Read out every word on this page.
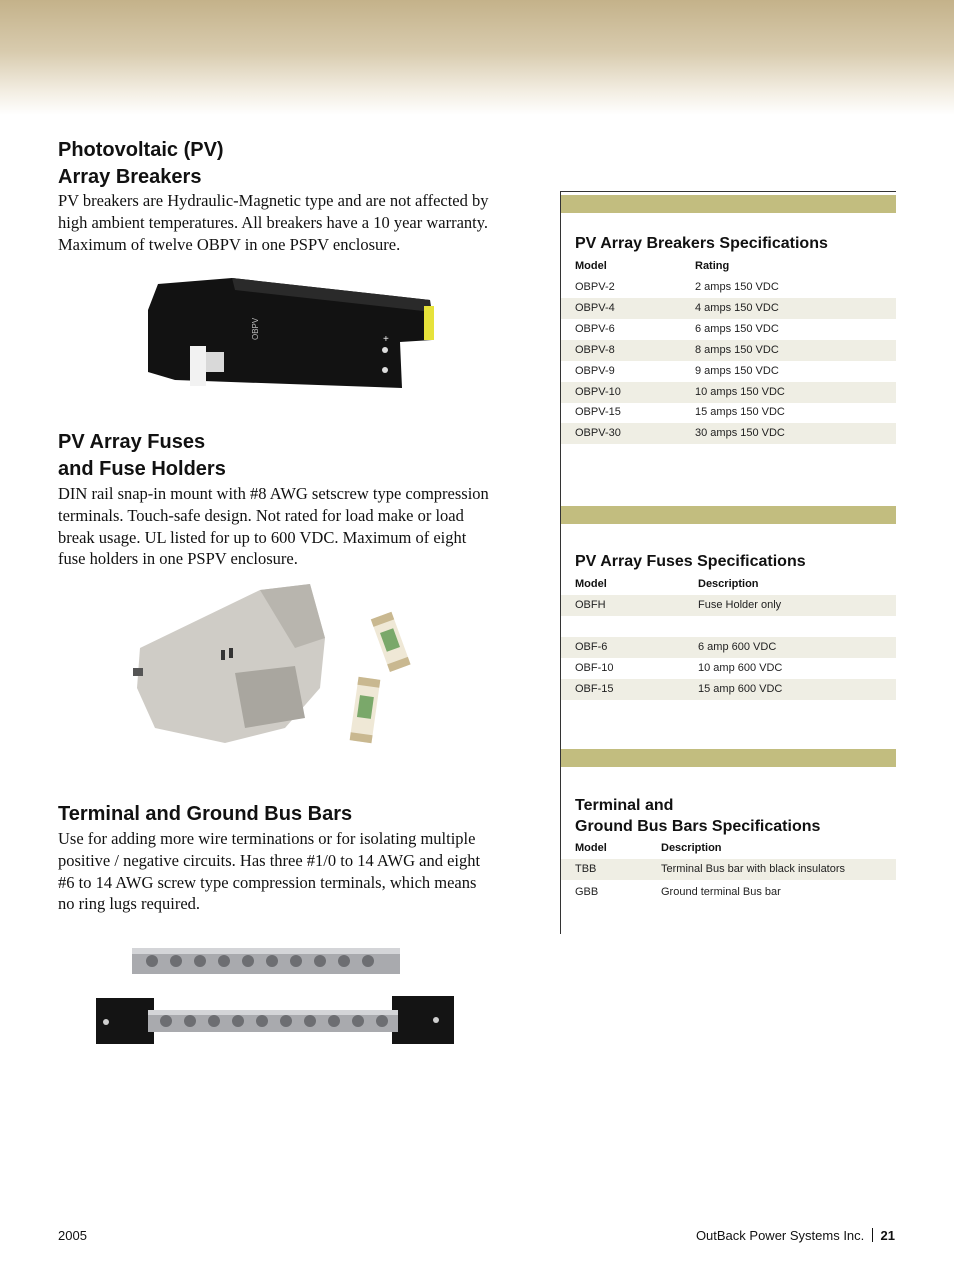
Photovoltaic (PV)
Array Breakers

PV breakers are Hydraulic-Magnetic type and are not affected by
high ambient temperatures. All breakers have a 10 year warranty.
Maximum of twelve OBPV in one PSPV enclosure.

OBPV	+
PV Array Fuses
and Fuse Holders

DIN rail snap-in mount with #8 AWG setscrew type compression
terminals. Touch-safe design. Not rated for load make or load
break usage. UL listed for up to 600 VDC. Maximum of eight
fuse holders in one PSPV enclosure.

Terminal and Ground Bus Bars

Use for adding more wire terminations or for isolating multiple
positive / negative circuits. Has three #1/0 to 14 AWG and eight
#6 to 14 AWG screw type compression terminals, which means
no ring lugs required.

PV Array Breakers Specifications
Model	Rating
OBPV-2	2 amps 150 VDC
OBPV-4	4 amps 150 VDC
OBPV-6	6 amps 150 VDC
OBPV-8	8 amps 150 VDC
OBPV-9	9 amps 150 VDC
OBPV-10	10 amps 150 VDC
OBPV-15	15 amps 150 VDC
OBPV-30	30 amps 150 VDC
PV Array Fuses Specifications
Model	Description
OBFH	Fuse Holder only
OBF-6	6 amp 600 VDC
OBF-10	10 amp 600 VDC
OBF-15	15 amp 600 VDC
Terminal and
Ground Bus Bars Specifications
Model	Description
TBB	Terminal Bus bar with black insulators
GBB	Ground terminal Bus bar
2005	OutBack Power Systems Inc. 21
